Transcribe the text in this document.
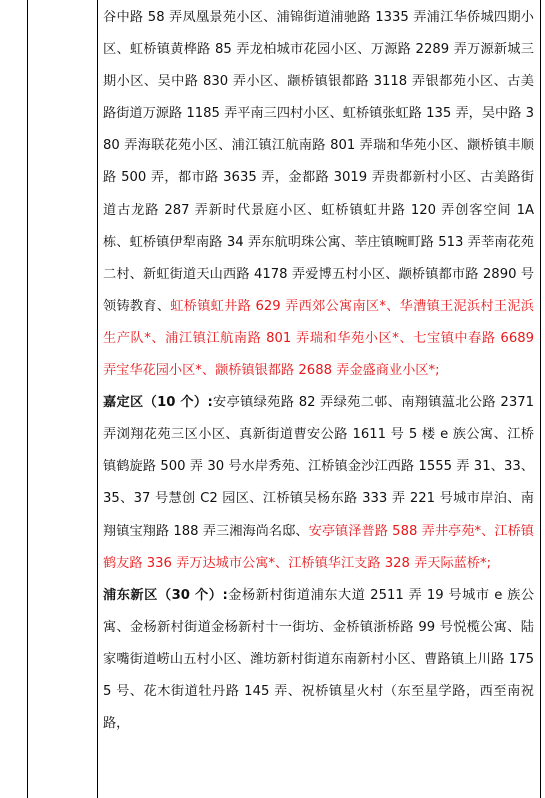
谷中路 58 弄凤凰景苑小区、浦锦街道浦驰路 1335 弄浦江华侨城四期小区、虹桥镇黄桦路 85 弄龙柏城市花园小区、万源路 2289 弄万源新城三期小区、吴中路 830 弄小区、颛桥镇银都路 3118 弄银都苑小区、古美路街道万源路 1185 弄平南三四村小区、虹桥镇张虹路 135 弄，吴中路 380 弄海联花苑小区、浦江镇江航南路 801 弄瑞和华苑小区、颛桥镇丰顺路 500 弄，都市路 3635 弄，金都路 3019 弄贵都新村小区、古美路街道古龙路 287 弄新时代景庭小区、虹桥镇虹井路 120 弄创客空间 1A 栋、虹桥镇伊犁南路 34 弄东航明珠公寓、莘庄镇畹町路 513 弄莘南花苑二村、新虹街道天山西路 4178 弄爱博五村小区、颛桥镇都市路 2890 号领铸教育、虹桥镇虹井路 629 弄西郊公寓南区*、华漕镇王泥浜村王泥浜生产队*、浦江镇江航南路 801 弄瑞和华苑小区*、七宝镇中春路 6689 弄宝华花园小区*、颛桥镇银都路 2688 弄金盛商业小区*;
嘉定区（10 个）:安亭镇绿苑路 82 弄绿苑二邨、南翔镇蕰北公路 2371 弄浏翔花苑三区小区、真新街道曹安公路 1611 号 5 楼 e 族公寓、江桥镇鹤旋路 500 弄 30 号水岸秀苑、江桥镇金沙江西路 1555 弄 31、33、35、37 号慧创 C2 园区、江桥镇吴杨东路 333 弄 221 号城市岸泊、南翔镇宝翔路 188 弄三湘海尚名邸、安亭镇泽普路 588 弄井亭苑*、江桥镇鹤友路 336 弄万达城市公寓*、江桥镇华江支路 328 弄天际蓝桥*;
浦东新区（30 个）:金杨新村街道浦东大道 2511 弄 19 号城市 e 族公寓、金杨新村街道金杨新村十一街坊、金桥镇浙桥路 99 号悦榄公寓、陆家嘴街道崂山五村小区、潍坊新村街道东南新村小区、曹路镇上川路 1755 号、花木街道牡丹路 145 弄、祝桥镇星火村（东至星学路，西至南祝路，
